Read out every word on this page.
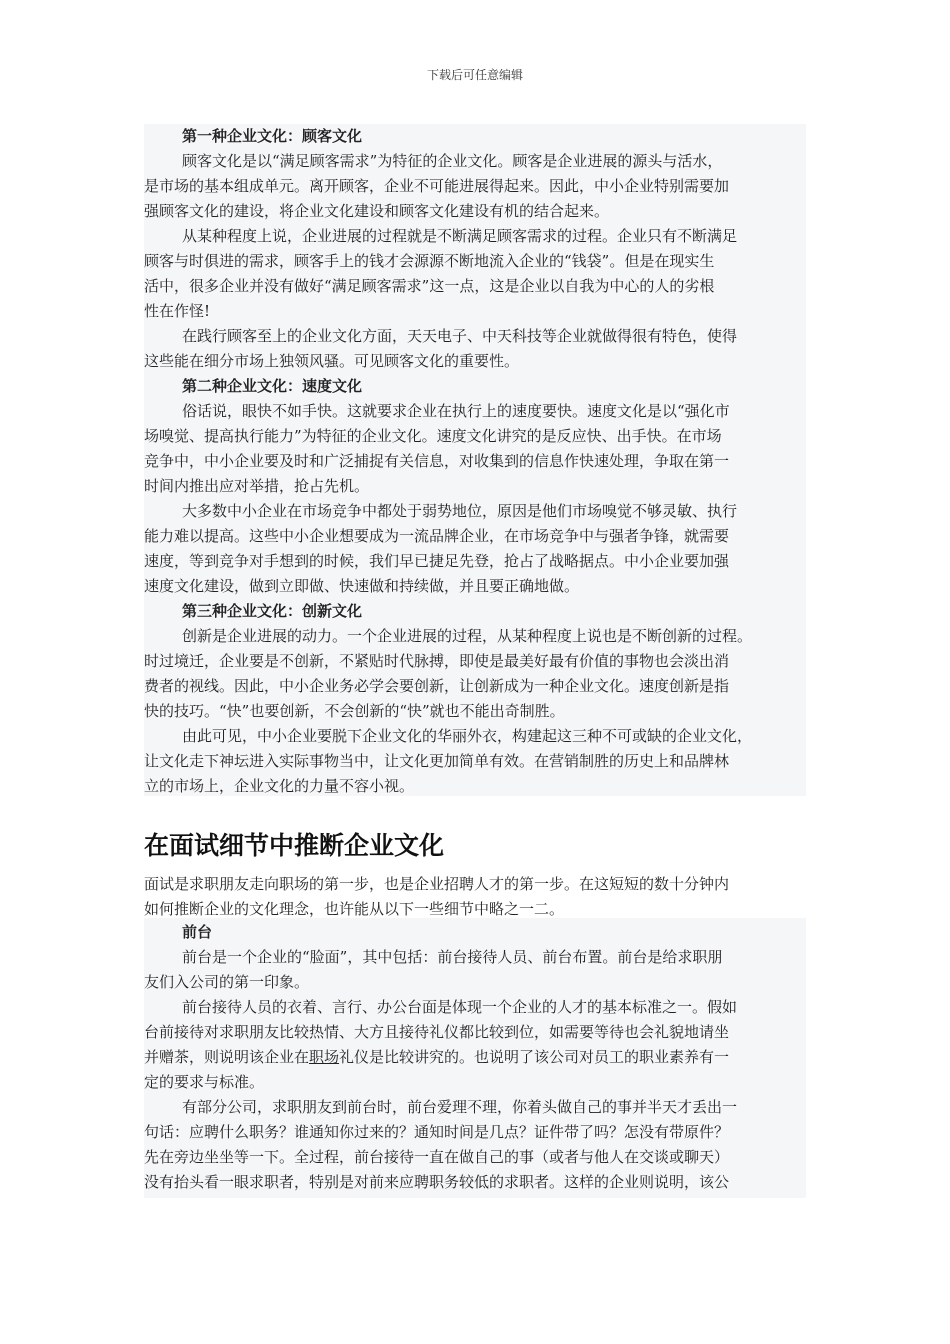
下载后可任意编辑
第一种企业文化：顾客文化
顾客文化是以“满足顾客需求”为特征的企业文化。顾客是企业进展的源头与活水，
是市场的基本组成单元。离开顾客，企业不可能进展得起来。因此，中小企业特别需要加
强顾客文化的建设，将企业文化建设和顾客文化建设有机的结合起来。
从某种程度上说，企业进展的过程就是不断满足顾客需求的过程。企业只有不断满足
顾客与时俱进的需求，顾客手上的钱才会源源不断地流入企业的“钱袋”。但是在现实生
活中，很多企业并没有做好“满足顾客需求”这一点，这是企业以自我为中心的人的劣根
性在作怪!
在践行顾客至上的企业文化方面，天天电子、中天科技等企业就做得很有特色，使得
这些能在细分市场上独领风骚。可见顾客文化的重要性。
第二种企业文化：速度文化
俗话说，眼快不如手快。这就要求企业在执行上的速度要快。速度文化是以“强化市
场嗅觉、提高执行能力”为特征的企业文化。速度文化讲究的是反应快、出手快。在市场
竞争中，中小企业要及时和广泛捕捉有关信息，对收集到的信息作快速处理，争取在第一
时间内推出应对举措，抢占先机。
大多数中小企业在市场竞争中都处于弱势地位，原因是他们市场嗅觉不够灵敏、执行
能力难以提高。这些中小企业想要成为一流品牌企业，在市场竞争中与强者争锋，就需要
速度，等到竞争对手想到的时候，我们早已捷足先登，抢占了战略据点。中小企业要加强
速度文化建设，做到立即做、快速做和持续做，并且要正确地做。
第三种企业文化：创新文化
创新是企业进展的动力。一个企业进展的过程，从某种程度上说也是不断创新的过程。
时过境迁，企业要是不创新，不紧贴时代脉搏，即使是最美好最有价值的事物也会淡出消
费者的视线。因此，中小企业务必学会要创新，让创新成为一种企业文化。速度创新是指
快的技巧。“快”也要创新，不会创新的“快”就也不能出奇制胜。
由此可见，中小企业要脱下企业文化的华丽外衣，构建起这三种不可或缺的企业文化，
让文化走下神坛进入实际事物当中，让文化更加简单有效。在营销制胜的历史上和品牌林
立的市场上，企业文化的力量不容小视。
在面试细节中推断企业文化
面试是求职朋友走向职场的第一步，也是企业招聘人才的第一步。在这短短的数十分钟内
如何推断企业的文化理念，也许能从以下一些细节中略之一二。
前台
前台是一个企业的“脸面”，其中包括：前台接待人员、前台布置。前台是给求职朋
友们入公司的第一印象。
前台接待人员的衣着、言行、办公台面是体现一个企业的人才的基本标准之一。假如
台前接待对求职朋友比较热情、大方且接待礼仪都比较到位，如需要等待也会礼貌地请坐
并赠茶，则说明该企业在职场礼仪是比较讲究的。也说明了该公司对员工的职业素养有一
定的要求与标准。
有部分公司，求职朋友到前台时，前台爱理不理，你着头做自己的事并半天才丢出一
句话：应聘什么职务？谁通知你过来的？通知时间是几点？证件带了吗？怎没有带原件？
先在旁边坐坐等一下。全过程，前台接待一直在做自己的事（或者与他人在交谈或聊天）
没有抬头看一眼求职者，特别是对前来应聘职务较低的求职者。这样的企业则说明，该公
